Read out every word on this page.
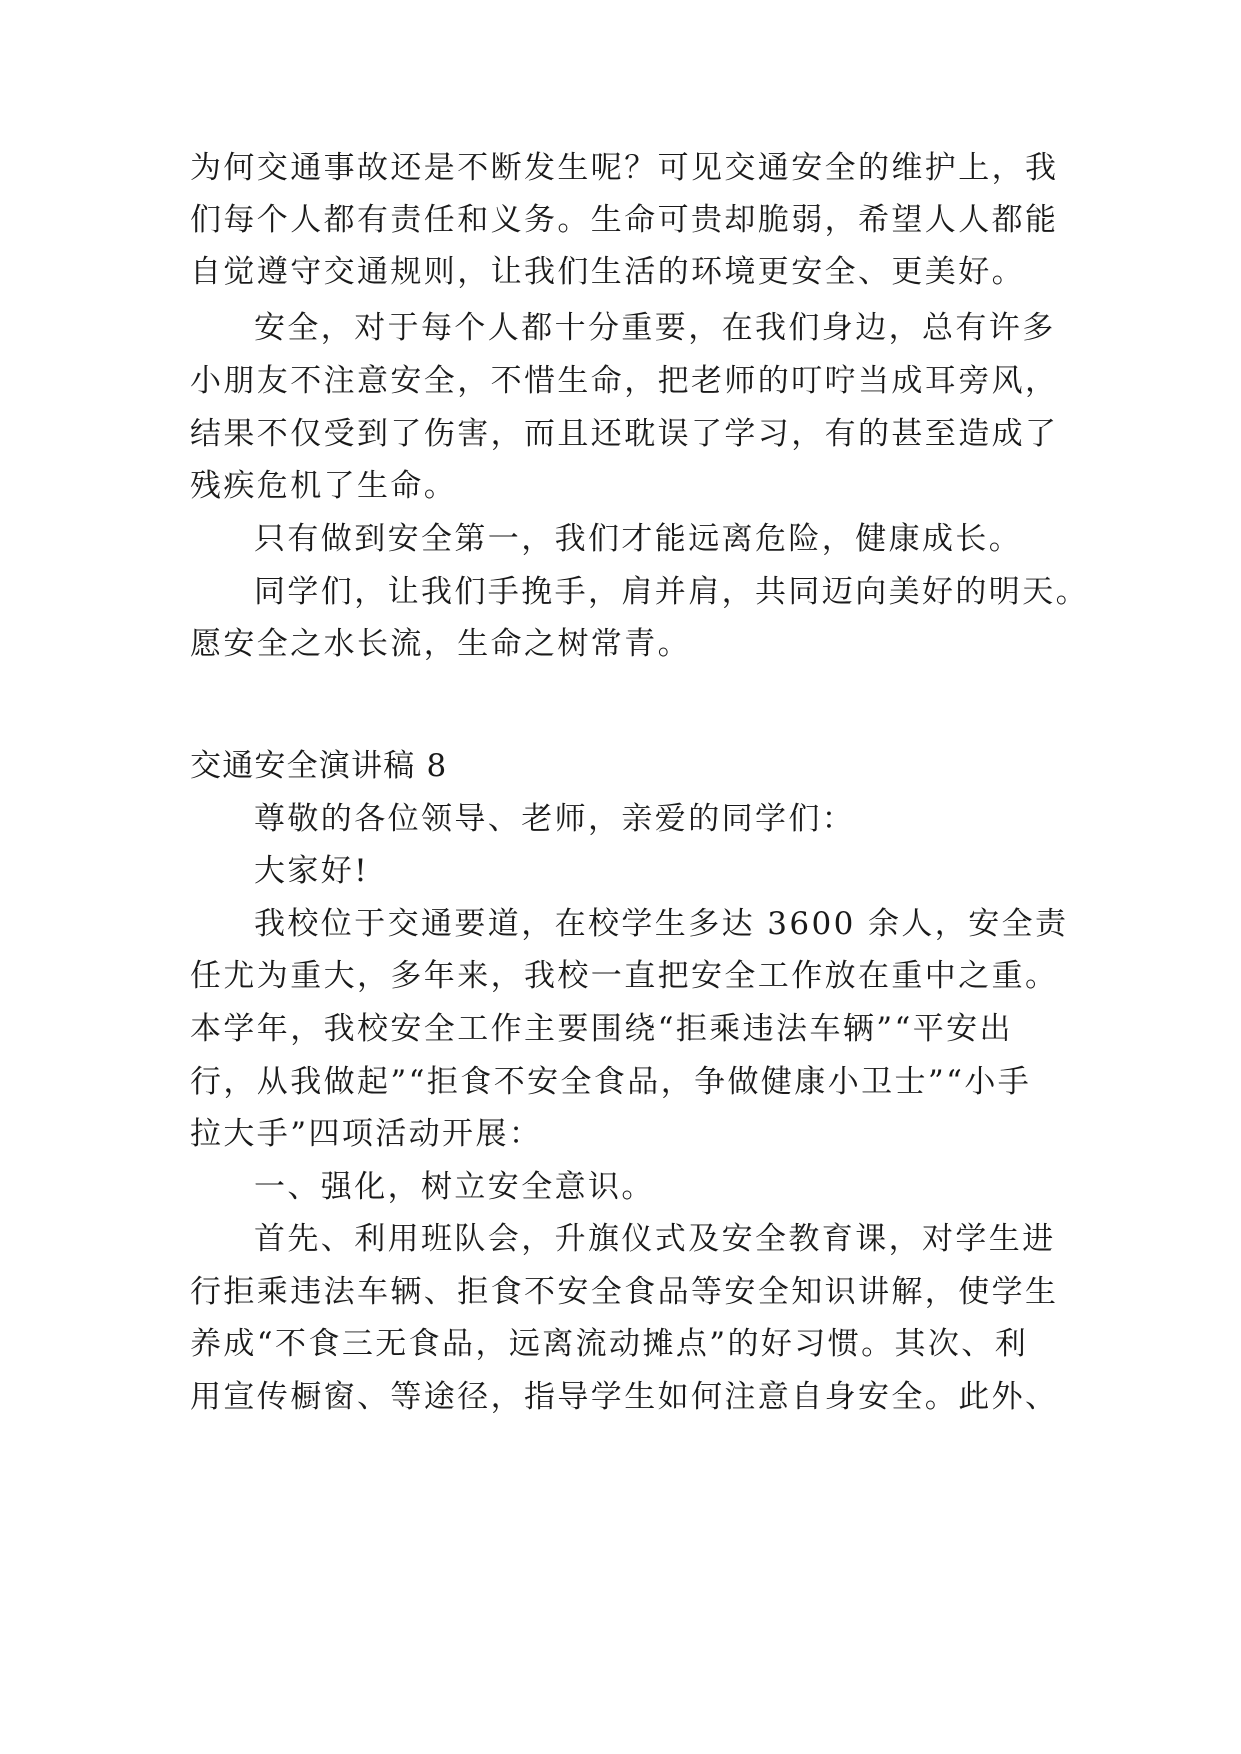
为何交通事故还是不断发生呢？可见交通安全的维护上，我
们每个人都有责任和义务。生命可贵却脆弱，希望人人都能
自觉遵守交通规则，让我们生活的环境更安全、更美好。
安全，对于每个人都十分重要，在我们身边，总有许多
小朋友不注意安全，不惜生命，把老师的叮咛当成耳旁风，
结果不仅受到了伤害，而且还耽误了学习，有的甚至造成了
残疾危机了生命。
只有做到安全第一，我们才能远离危险，健康成长。
同学们，让我们手挽手，肩并肩，共同迈向美好的明天。
愿安全之水长流，生命之树常青。
交通安全演讲稿 8
尊敬的各位领导、老师，亲爱的同学们：
大家好!
我校位于交通要道，在校学生多达 3600 余人，安全责
任尤为重大，多年来，我校一直把安全工作放在重中之重。
本学年，我校安全工作主要围绕“拒乘违法车辆”“平安出
行，从我做起”“拒食不安全食品，争做健康小卫士”“小手
拉大手”四项活动开展：
一、强化，树立安全意识。
首先、利用班队会，升旗仪式及安全教育课，对学生进
行拒乘违法车辆、拒食不安全食品等安全知识讲解，使学生
养成“不食三无食品，远离流动摊点”的好习惯。其次、利
用宣传橱窗、等途径，指导学生如何注意自身安全。此外、
